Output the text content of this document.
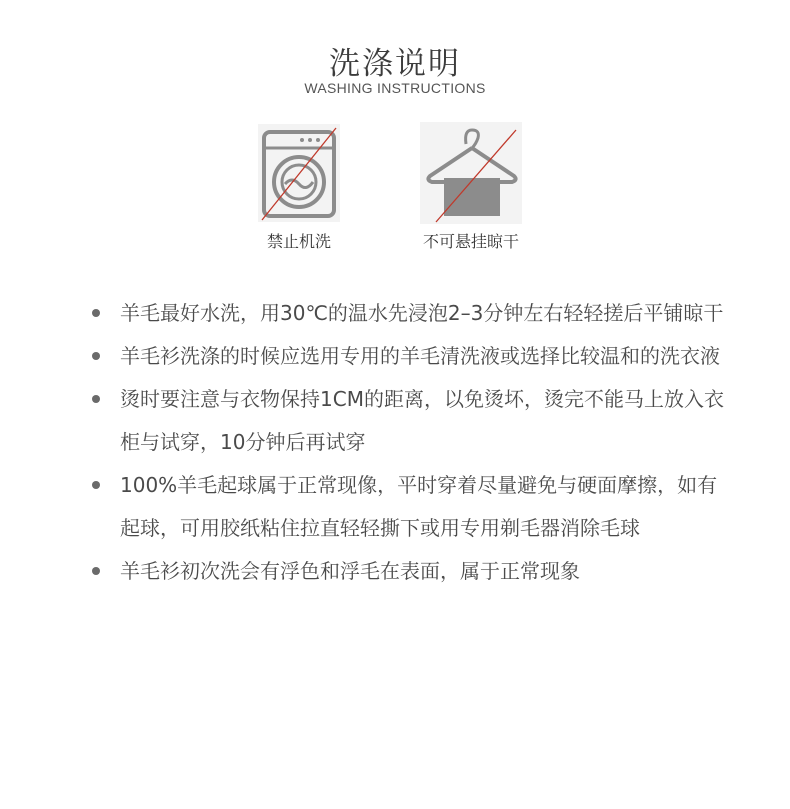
洗涤说明
WASHING INSTRUCTIONS
禁止机洗	不可悬挂晾干
羊毛最好水洗，用30℃的温水先浸泡2–3分钟左右轻轻搓后平铺晾干
羊毛衫洗涤的时候应选用专用的羊毛清洗液或选择比较温和的洗衣液
烫时要注意与衣物保持1CM的距离，以免烫坏，烫完不能马上放入衣柜与试穿，10分钟后再试穿
100%羊毛起球属于正常现像，平时穿着尽量避免与硬面摩擦，如有起球，可用胶纸粘住拉直轻轻撕下或用专用剃毛器消除毛球
羊毛衫初次洗会有浮色和浮毛在表面，属于正常现象
